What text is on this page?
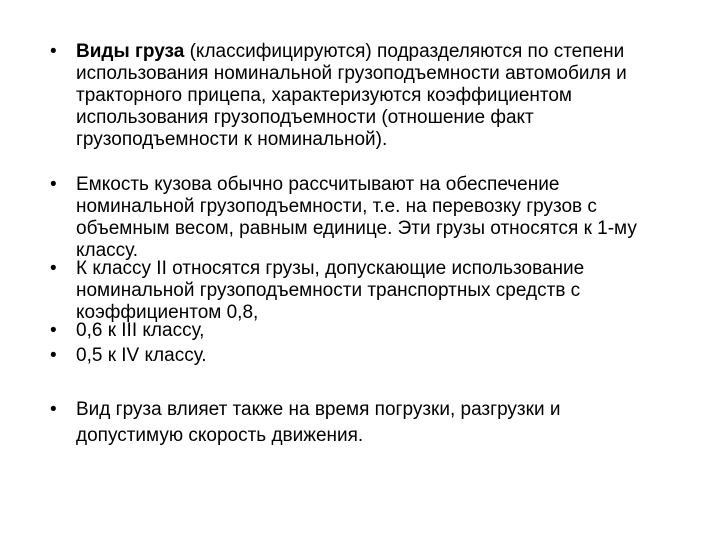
•	Виды груза (классифицируются) подразделяются по степени использования номинальной грузоподъемности автомобиля и тракторного прицепа, характеризуются коэффициентом использования грузоподъемности (отношение факт грузоподъемности к номинальной).
•	Емкость кузова обычно рассчитывают на обеспечение номинальной грузоподъемности, т.е. на перевозку грузов с объемным весом, равным единице. Эти грузы относятся к 1-му классу.
•	К классу II относятся грузы, допускающие использование номинальной грузоподъемности транспортных средств с коэффициентом 0,8,
•	0,6 к III классу,
•	0,5 к IV классу.
•	Вид груза влияет также на время погрузки, разгрузки и допустимую скорость движения.
